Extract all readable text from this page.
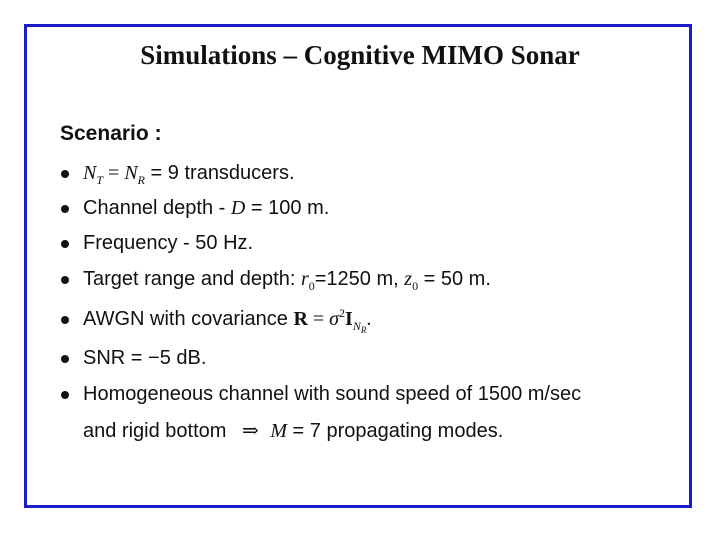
Simulations – Cognitive MIMO Sonar
Scenario :
$N_T = N_R = 9$ transducers.
Channel depth - D = 100 m.
Frequency - 50 Hz.
Target range and depth: $r_0=1250$ m, $z_0 = 50$ m.
AWGN with covariance $R = \sigma^2I_{N_R}$.
SNR = −5 dB.
Homogeneous channel with sound speed of 1500 m/sec
and rigid bottom ⇒ M = 7 propagating modes.
